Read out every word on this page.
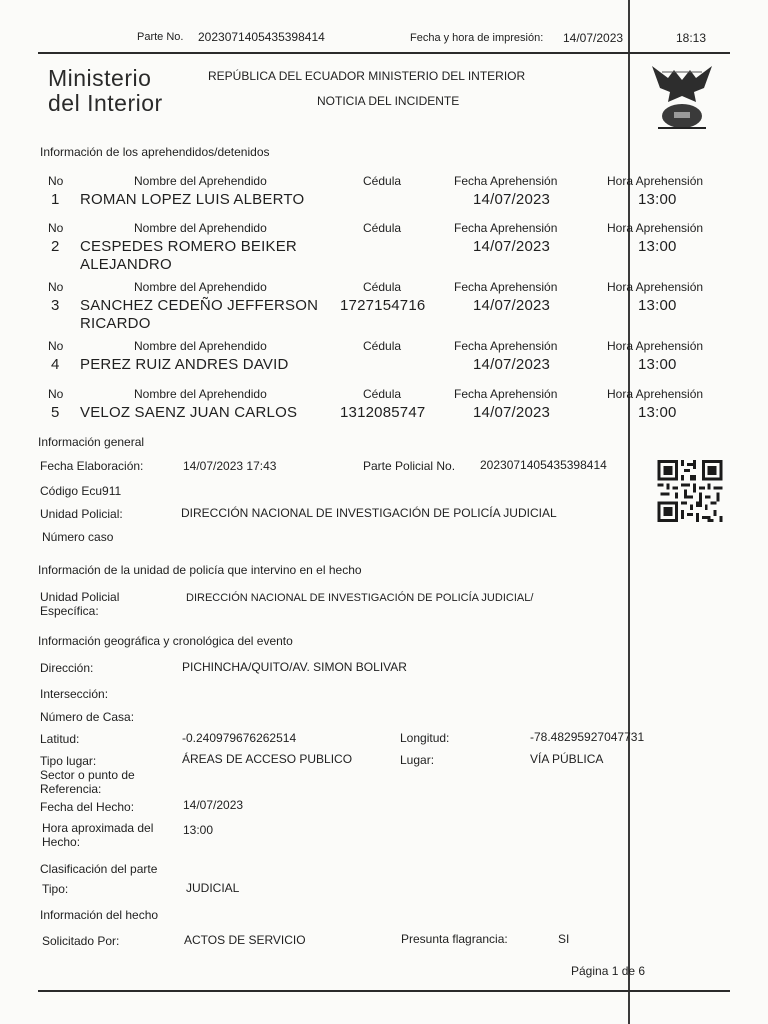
Parte No. 2023071405435398414	Fecha y hora de impresión: 14/07/2023	18:13
Ministerio
del Interior
REPÚBLICA DEL ECUADOR MINISTERIO DEL INTERIOR
NOTICIA DEL INCIDENTE
Información de los aprehendidos/detenidos
No	Nombre del Aprehendido	Cédula	Fecha Aprehensión	Hora Aprehensión
1 ROMAN LOPEZ LUIS ALBERTO	14/07/2023	13:00
No	Nombre del Aprehendido	Cédula	Fecha Aprehensión	Hora Aprehensión
2 CESPEDES ROMERO BEIKER
ALEJANDRO
14/07/2023	13:00
No	Nombre del Aprehendido	Cédula	Fecha Aprehensión	Hora Aprehensión
3 SANCHEZ CEDEÑO JEFFERSON
RICARDO
1727154716	14/07/2023	13:00
No	Nombre del Aprehendido	Cédula	Fecha Aprehensión	Hora Aprehensión
4 PEREZ RUIZ ANDRES DAVID	14/07/2023	13:00
No	Nombre del Aprehendido	Cédula	Fecha Aprehensión	Hora Aprehensión
5 VELOZ SAENZ JUAN CARLOS	1312085747	14/07/2023	13:00
Información general
Fecha Elaboración:	14/07/2023 17:43	Parte Policial No. 2023071405435398414
Código Ecu911
Unidad Policial:	DIRECCIÓN NACIONAL DE INVESTIGACIÓN DE POLICÍA JUDICIAL
Número caso
Información de la unidad de policía que intervino en el hecho
Unidad Policial
Específica:
DIRECCIÓN NACIONAL DE INVESTIGACIÓN DE POLICÍA JUDICIAL/
Información geográfica y cronológica del evento
Dirección:	PICHINCHA/QUITO/AV. SIMON BOLIVAR
Intersección:
Número de Casa:
Latitud:	-0.240979676262514	Longitud:	-78.48295927047731
Tipo lugar:	ÁREAS DE ACCESO PUBLICO	Lugar:	VÍA PÚBLICA
Sector o punto de
Referencia:
Fecha del Hecho:	14/07/2023
Hora aproximada del
Hecho:
13:00
Clasificación del parte
Tipo:	JUDICIAL
Información del hecho
Solicitado Por:	ACTOS DE SERVICIO	Presunta flagrancia:	SI
Página 1 de 6
